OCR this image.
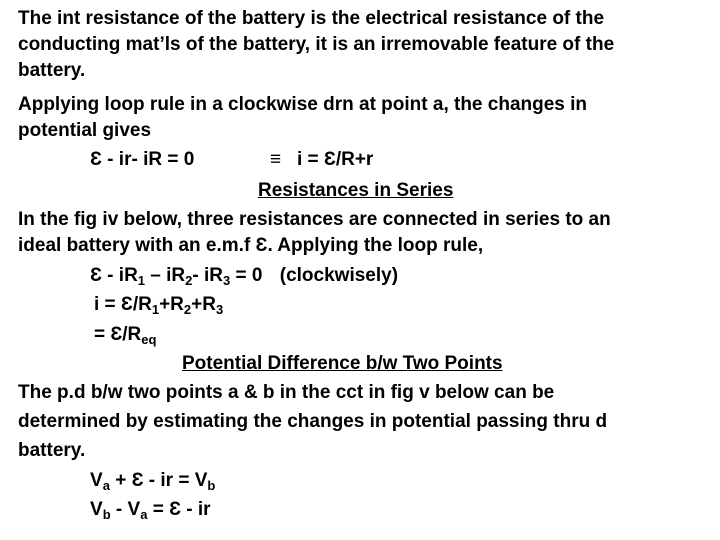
The int resistance of the battery is the electrical resistance of the
conducting mat’ls of the battery, it is an irremovable feature of the
battery.
Applying loop rule in a clockwise drn at point a, the changes in
potential gives
Ɛ - ir- iR = 0	≡ i = Ɛ/R+r
Resistances in Series
In the fig iv below, three resistances are connected in series to an
ideal battery with an e.m.f Ɛ. Applying the loop rule,
Ɛ - $iR_1 - iR_2-$ $iR_3 = 0$ (clockwisely)
$i = Ɛ/R_1+R_2+R_3$
= $Ɛ/R_{eq}$
Potential Difference b/w Two Points
The p.d b/w two points a & b in the cct in fig v below can be
determined by estimating the changes in potential passing thru d
battery.
$V_a$ + Ɛ - ir = $V_b$
$V_b - V_a$ = Ɛ - ir
